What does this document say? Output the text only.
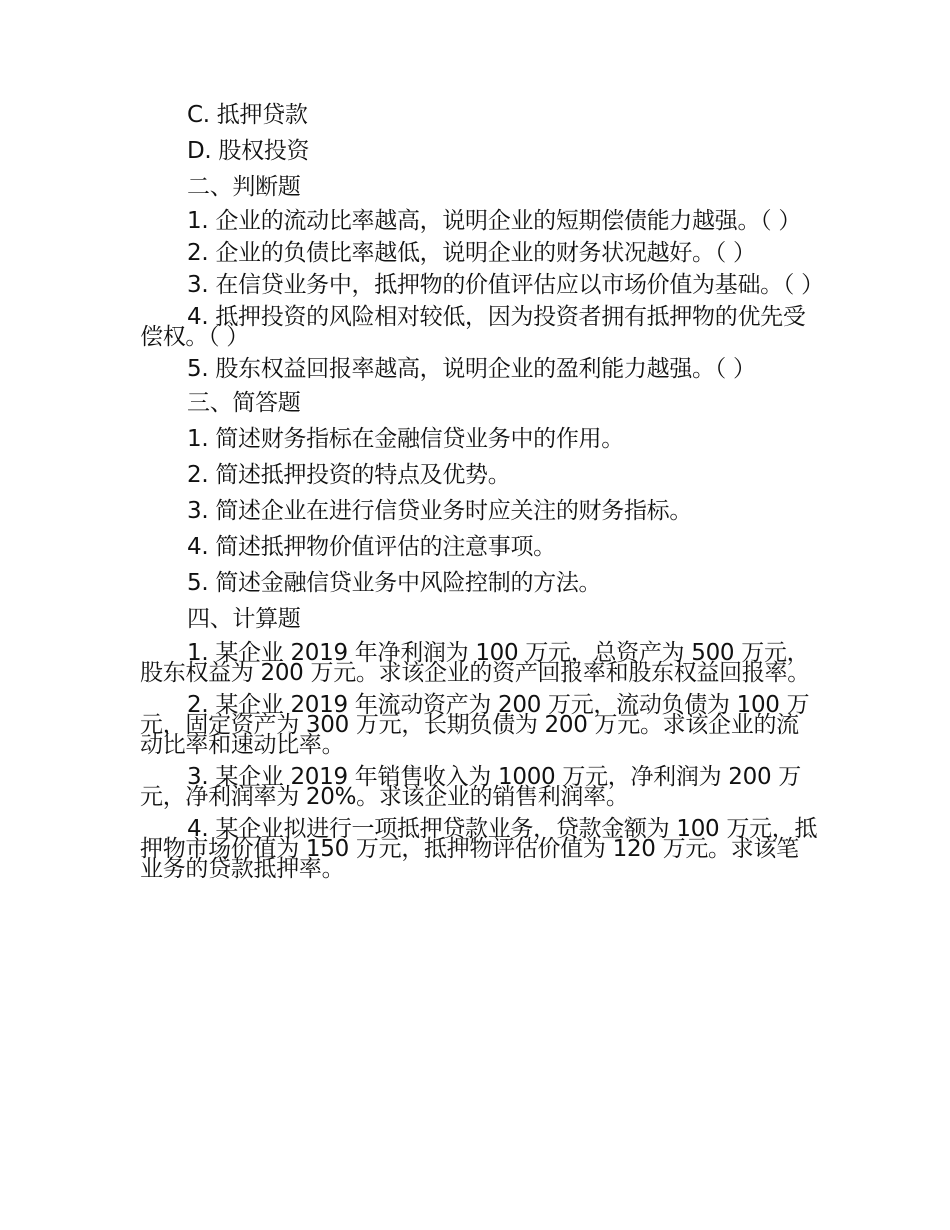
C. 抵押贷款

D. 股权投资

二、判断题

1. 企业的流动比率越高，说明企业的短期偿债能力越强。（ ）

2. 企业的负债比率越低，说明企业的财务状况越好。（ ）

3. 在信贷业务中，抵押物的价值评估应以市场价值为基础。（ ）

4. 抵押投资的风险相对较低，因为投资者拥有抵押物的优先受偿权。（ ）

5. 股东权益回报率越高，说明企业的盈利能力越强。（ ）

三、简答题

1. 简述财务指标在金融信贷业务中的作用。

2. 简述抵押投资的特点及优势。

3. 简述企业在进行信贷业务时应关注的财务指标。

4. 简述抵押物价值评估的注意事项。

5. 简述金融信贷业务中风险控制的方法。

四、计算题

1. 某企业 2019 年净利润为 100 万元，总资产为 500 万元，股东权益为 200 万元。求该企业的资产回报率和股东权益回报率。

2. 某企业 2019 年流动资产为 200 万元，流动负债为 100 万元，固定资产为 300 万元，长期负债为 200 万元。求该企业的流动比率和速动比率。

3. 某企业 2019 年销售收入为 1000 万元，净利润为 200 万元，净利润率为 20%。求该企业的销售利润率。

4. 某企业拟进行一项抵押贷款业务，贷款金额为 100 万元，抵押物市场价值为 150 万元，抵押物评估价值为 120 万元。求该笔业务的贷款抵押率。
